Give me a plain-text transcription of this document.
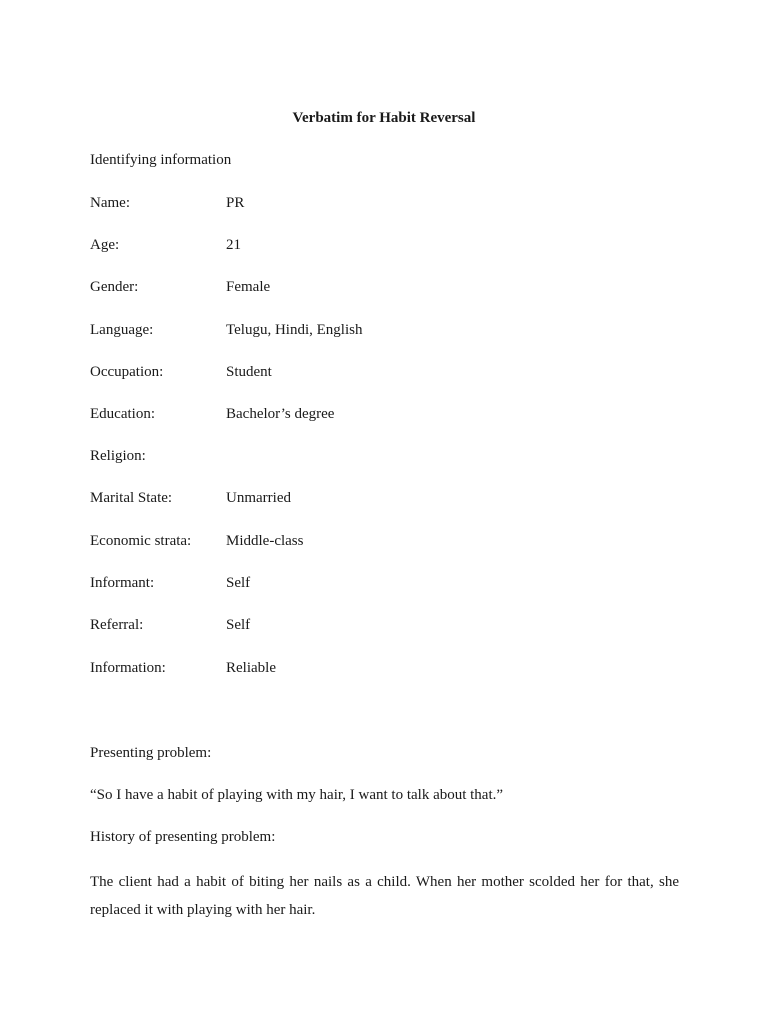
Verbatim for Habit Reversal
Identifying information
Name:	PR
Age:	21
Gender:	Female
Language:	Telugu, Hindi, English
Occupation:	Student
Education:	Bachelor’s degree
Religion:
Marital State:	Unmarried
Economic strata: Middle-class
Informant:	Self
Referral:	Self
Information:	Reliable
Presenting problem:
“So I have a habit of playing with my hair, I want to talk about that.”
History of presenting problem:
The client had a habit of biting her nails as a child. When her mother scolded her for that, she replaced it with playing with her hair.
